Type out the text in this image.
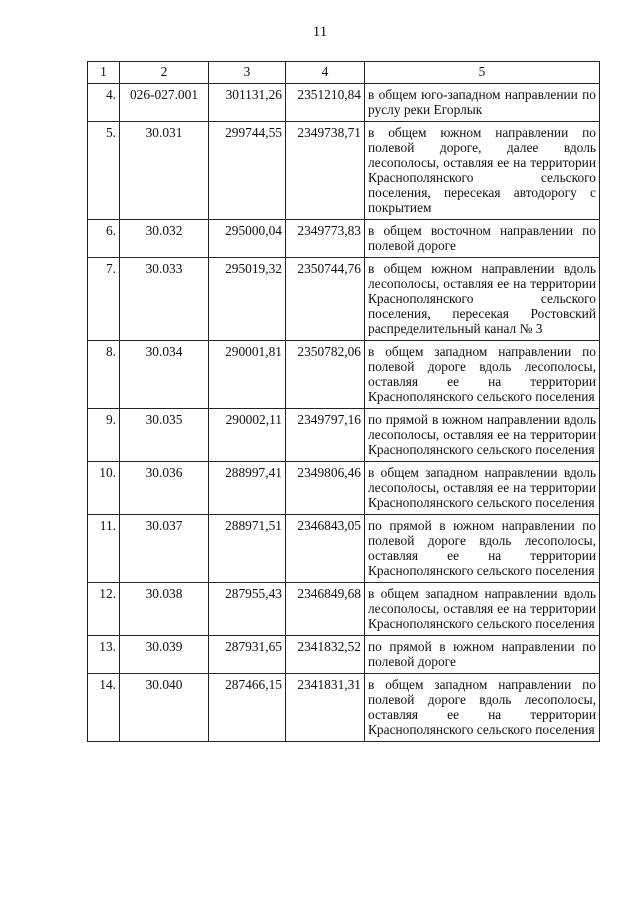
11
1	2	3	4	5
4.	026-027.001	301131,26	2351210,84	в общем юго-западном направлении по руслу реки Егорлык
5.	30.031	299744,55	2349738,71	в общем южном направлении по полевой дороге, далее вдоль лесополосы, оставляя ее на территории Краснополянского сельского поселения, пересекая автодорогу с покрытием
6.	30.032	295000,04	2349773,83	в общем восточном направлении по полевой дороге
7.	30.033	295019,32	2350744,76	в общем южном направлении вдоль лесополосы, оставляя ее на территории Краснополянского сельского поселения, пересекая Ростовский распределительный канал № 3
8.	30.034	290001,81	2350782,06	в общем западном направлении по полевой дороге вдоль лесополосы, оставляя ее на территории Краснополянского сельского поселения
9.	30.035	290002,11	2349797,16	по прямой в южном направлении вдоль лесополосы, оставляя ее на территории Краснополянского сельского поселения
10.	30.036	288997,41	2349806,46	в общем западном направлении вдоль лесополосы, оставляя ее на территории Краснополянского сельского поселения
11.	30.037	288971,51	2346843,05	по прямой в южном направлении по полевой дороге вдоль лесополосы, оставляя ее на территории Краснополянского сельского поселения
12.	30.038	287955,43	2346849,68	в общем западном направлении вдоль лесополосы, оставляя ее на территории Краснополянского сельского поселения
13.	30.039	287931,65	2341832,52	по прямой в южном направлении по полевой дороге
14.	30.040	287466,15	2341831,31	в общем западном направлении по полевой дороге вдоль лесополосы, оставляя ее на территории Краснополянского сельского поселения
